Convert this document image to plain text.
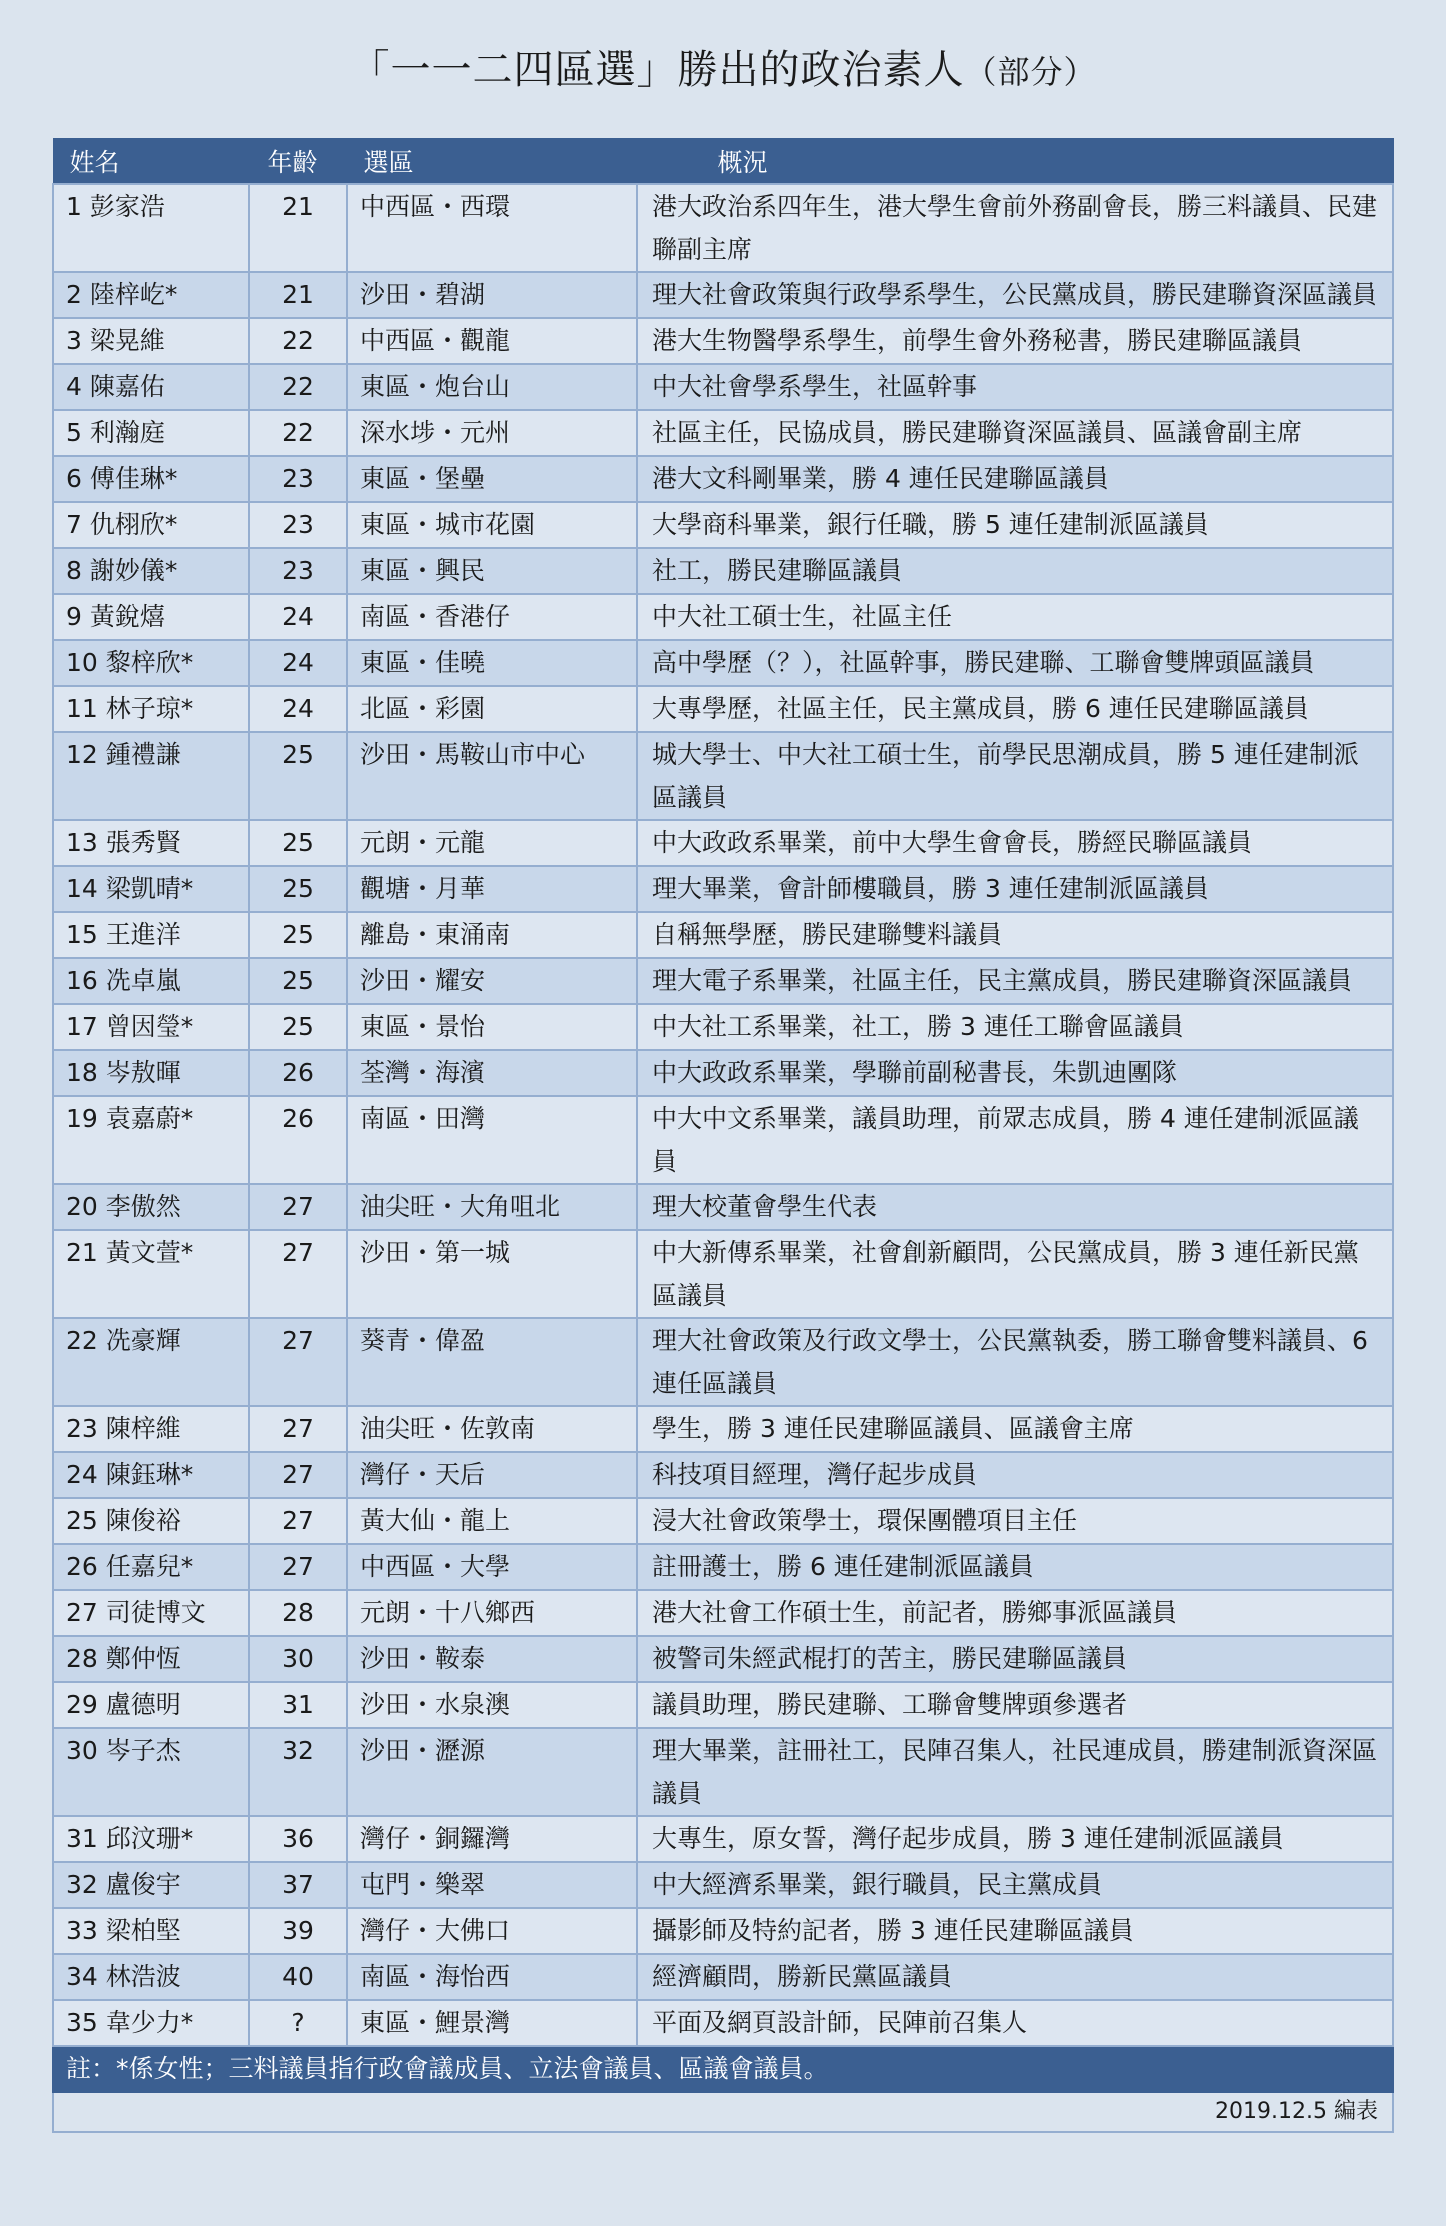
「一一二四區選」勝出的政治素人（部分）
姓名	年齡	選區	概況
1 彭家浩	21	中西區・西環	港大政治系四年生，港大學生會前外務副會長，勝三料議員、民建聯副主席
2 陸梓屹*	21	沙田・碧湖	理大社會政策與行政學系學生，公民黨成員，勝民建聯資深區議員
3 梁晃維	22	中西區・觀龍	港大生物醫學系學生，前學生會外務秘書，勝民建聯區議員
4 陳嘉佑	22	東區・炮台山	中大社會學系學生，社區幹事
5 利瀚庭	22	深水埗・元州	社區主任，民協成員，勝民建聯資深區議員、區議會副主席
6 傅佳琳*	23	東區・堡壘	港大文科剛畢業，勝 4 連任民建聯區議員
7 仇栩欣*	23	東區・城市花園	大學商科畢業，銀行任職，勝 5 連任建制派區議員
8 謝妙儀*	23	東區・興民	社工，勝民建聯區議員
9 黃銳熺	24	南區・香港仔	中大社工碩士生，社區主任
10 黎梓欣*	24	東區・佳曉	高中學歷（？），社區幹事，勝民建聯、工聯會雙牌頭區議員
11 林子琼*	24	北區・彩園	大專學歷，社區主任，民主黨成員，勝 6 連任民建聯區議員
12 鍾禮謙	25	沙田・馬鞍山市中心	城大學士、中大社工碩士生，前學民思潮成員，勝 5 連任建制派區議員
13 張秀賢	25	元朗・元龍	中大政政系畢業，前中大學生會會長，勝經民聯區議員
14 梁凱晴*	25	觀塘・月華	理大畢業，會計師樓職員，勝 3 連任建制派區議員
15 王進洋	25	離島・東涌南	自稱無學歷，勝民建聯雙料議員
16 冼卓嵐	25	沙田・耀安	理大電子系畢業，社區主任，民主黨成員，勝民建聯資深區議員
17 曾因瑩*	25	東區・景怡	中大社工系畢業，社工，勝 3 連任工聯會區議員
18 岑敖暉	26	荃灣・海濱	中大政政系畢業，學聯前副秘書長，朱凱迪團隊
19 袁嘉蔚*	26	南區・田灣	中大中文系畢業，議員助理，前眾志成員，勝 4 連任建制派區議員
20 李傲然	27	油尖旺・大角咀北	理大校董會學生代表
21 黃文萱*	27	沙田・第一城	中大新傳系畢業，社會創新顧問，公民黨成員，勝 3 連任新民黨區議員
22 冼豪輝	27	葵青・偉盈	理大社會政策及行政文學士，公民黨執委，勝工聯會雙料議員、6 連任區議員
23 陳梓維	27	油尖旺・佐敦南	學生，勝 3 連任民建聯區議員、區議會主席
24 陳鈺琳*	27	灣仔・天后	科技項目經理，灣仔起步成員
25 陳俊裕	27	黃大仙・龍上	浸大社會政策學士，環保團體項目主任
26 任嘉兒*	27	中西區・大學	註冊護士，勝 6 連任建制派區議員
27 司徒博文	28	元朗・十八鄉西	港大社會工作碩士生，前記者，勝鄉事派區議員
28 鄭仲恆	30	沙田・鞍泰	被警司朱經武棍打的苦主，勝民建聯區議員
29 盧德明	31	沙田・水泉澳	議員助理，勝民建聯、工聯會雙牌頭參選者
30 岑子杰	32	沙田・瀝源	理大畢業，註冊社工，民陣召集人，社民連成員，勝建制派資深區議員
31 邱汶珊*	36	灣仔・銅鑼灣	大專生，原女誓，灣仔起步成員，勝 3 連任建制派區議員
32 盧俊宇	37	屯門・樂翠	中大經濟系畢業，銀行職員，民主黨成員
33 梁柏堅	39	灣仔・大佛口	攝影師及特約記者，勝 3 連任民建聯區議員
34 林浩波	40	南區・海怡西	經濟顧問，勝新民黨區議員
35 韋少力*	?	東區・鯉景灣	平面及網頁設計師，民陣前召集人
註：*係女性；三料議員指行政會議成員、立法會議員、區議會議員。			
2019.12.5 編表			
